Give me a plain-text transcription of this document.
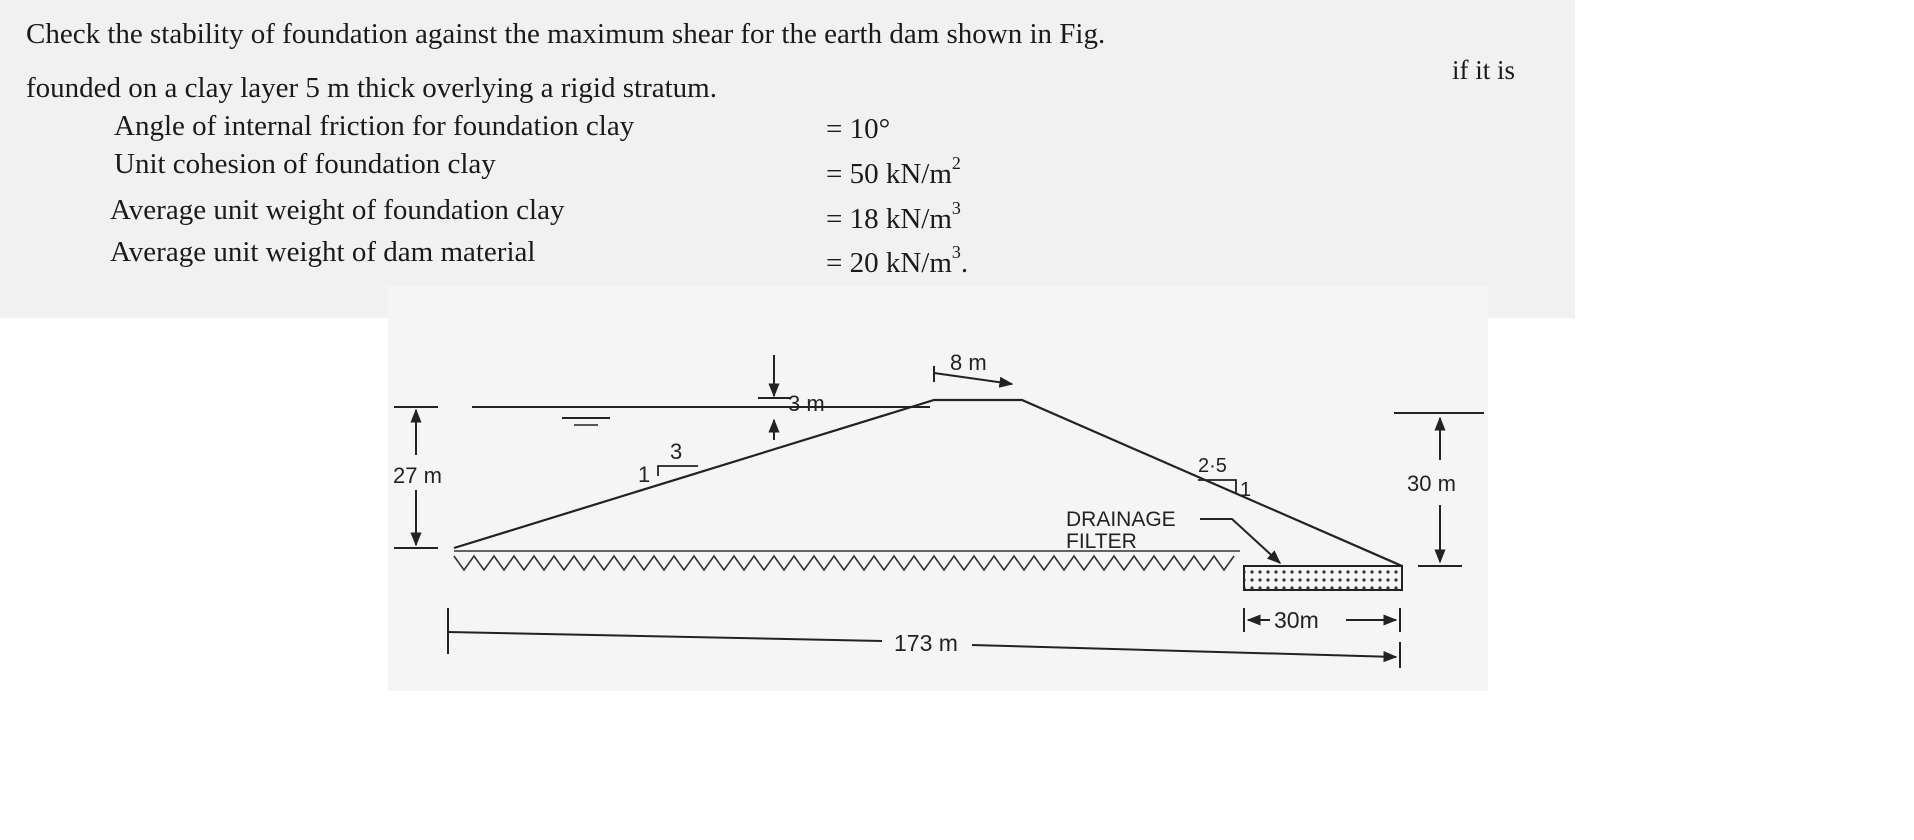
Check the stability of foundation against the maximum shear for the earth dam shown in Fig.
if it is
founded on a clay layer 5 m thick overlying a rigid stratum.
Angle of internal friction for foundation clay	= 10°
Unit cohesion of foundation clay	= 50 $kN/m^2$
Average unit weight of foundation clay	= 18 $kN/m^3$
Average unit weight of dam material	= 20 $kN/m^3$.
8 m
3 m
27 m
3
1	2·5
1	30 m
DRAINAGE
FILTER
30m
173 m
